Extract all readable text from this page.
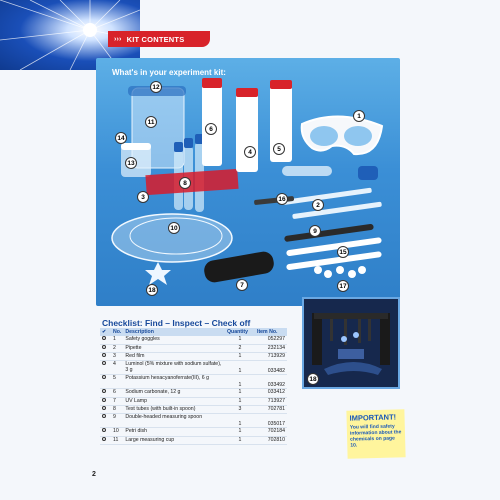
››› KIT CONTENTS
What's in your experiment kit:
1
2
3
4	5
6
7
8
9
10
11
12
13
14
15
16
17
18
18
Checklist: Find – Inspect – Check off
✔	No.	Description	Quantity	Item No.
	1	Safety goggles	1	052297
	2	Pipette	2	232134
	3	Red film	1	713929
	4	Luminol (5% mixture with sodium sulfate), 3 g	1	033482
	5	Potassium hexacyanoferrate(III), 6 g	1	033492
	6	Sodium carbonate, 12 g	1	033412
	7	UV Lamp	1	713927
	8	Test tubes (with built-in spoon)	3	702781
	9	Double-headed measuring spoon	1	035017
	10	Petri dish	1	702184
	11	Large measuring cup	1	702810
IMPORTANT!
You will find safety information about the chemicals on page 10.
2
